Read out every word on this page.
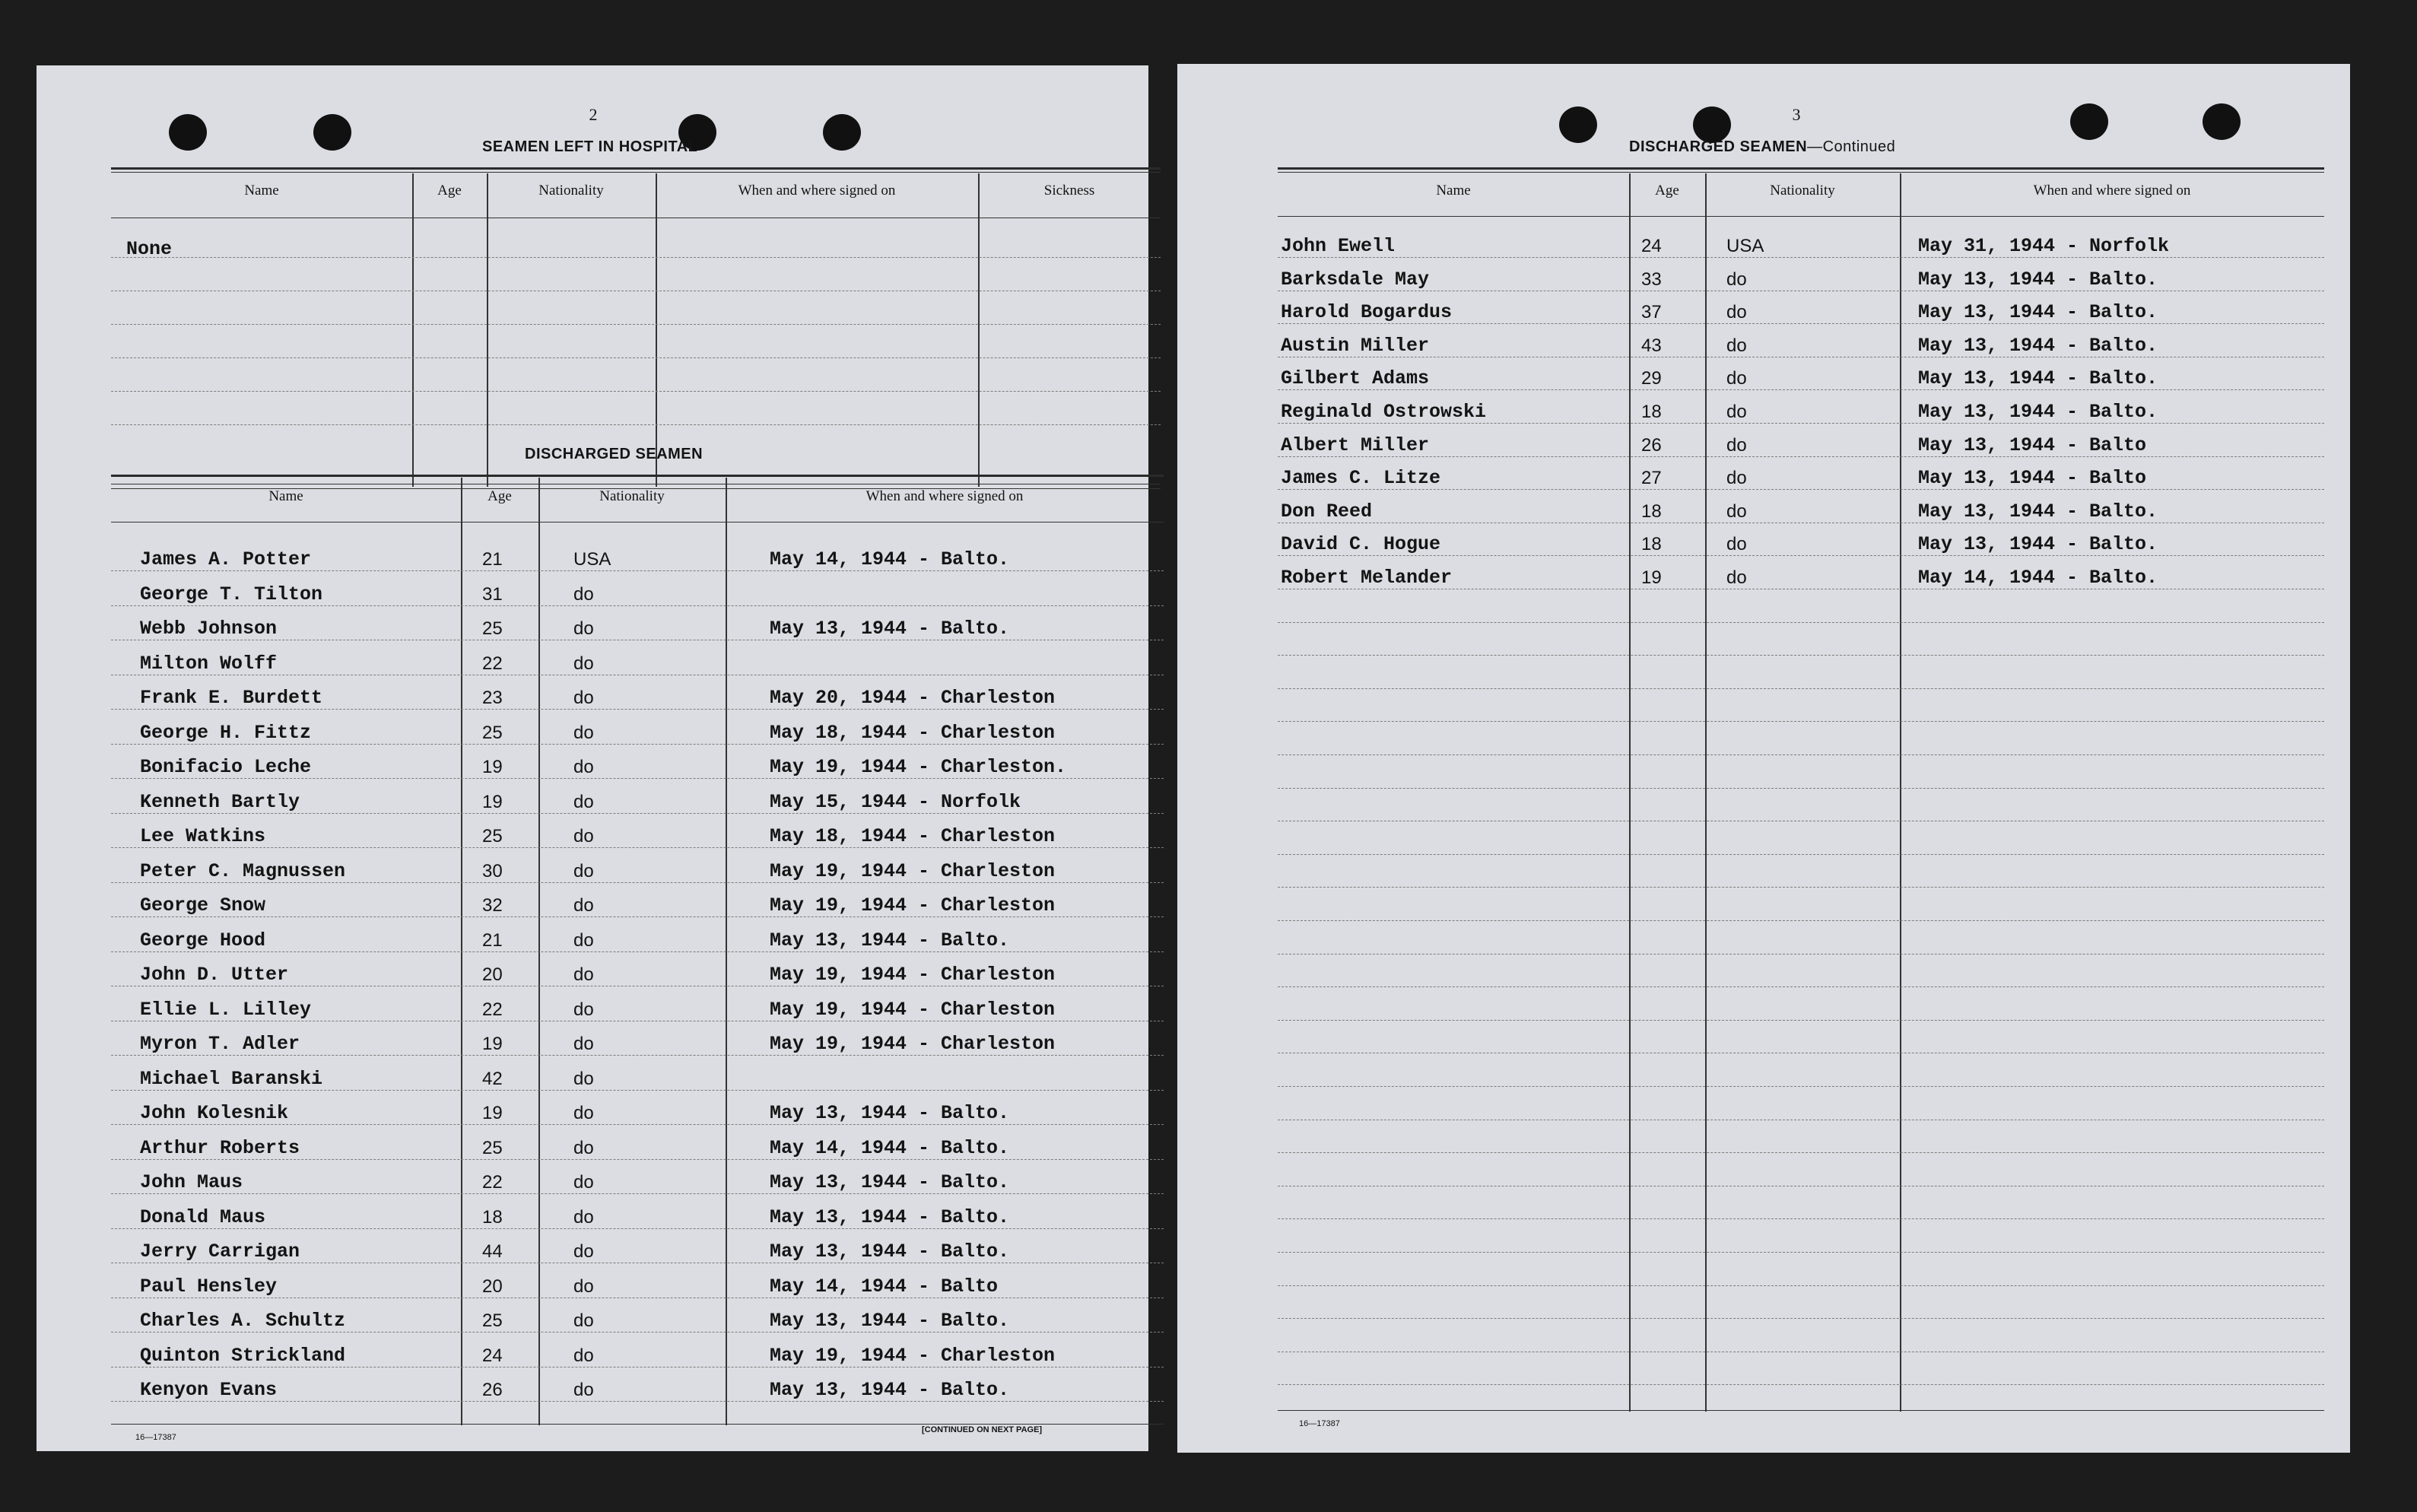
2
SEAMEN LEFT IN HOSPITAL
Name	Age	Nationality	When and where signed on	Sickness
None
DISCHARGED SEAMEN
Name	Age	Nationality	When and where signed on
James A. Potter	21	USA	May 14, 1944 - Balto.
George T. Tilton	31	do
Webb Johnson	25	do	May 13, 1944 - Balto.
Milton Wolff	22	do
Frank E. Burdett	23	do	May 20, 1944 - Charleston
George H. Fittz	25	do	May 18, 1944 - Charleston
Bonifacio Leche	19	do	May 19, 1944 - Charleston.
Kenneth Bartly	19	do	May 15, 1944 - Norfolk
Lee Watkins	25	do	May 18, 1944 - Charleston
Peter C. Magnussen	30	do	May 19, 1944 - Charleston
George Snow	32	do	May 19, 1944 - Charleston
George Hood	21	do	May 13, 1944 - Balto.
John D. Utter	20	do	May 19, 1944 - Charleston
Ellie L. Lilley	22	do	May 19, 1944 - Charleston
Myron T. Adler	19	do	May 19, 1944 - Charleston
Michael Baranski	42	do
John Kolesnik	19	do	May 13, 1944 - Balto.
Arthur Roberts	25	do	May 14, 1944 - Balto.
John Maus	22	do	May 13, 1944 - Balto.
Donald Maus	18	do	May 13, 1944 - Balto.
Jerry Carrigan	44	do	May 13, 1944 - Balto.
Paul Hensley	20	do	May 14, 1944 - Balto
Charles A. Schultz	25	do	May 13, 1944 - Balto.
Quinton Strickland	24	do	May 19, 1944 - Charleston
Kenyon Evans	26	do	May 13, 1944 - Balto.
16—17387
[CONTINUED ON NEXT PAGE]
3
DISCHARGED SEAMEN—Continued
Name	Age	Nationality	When and where signed on
John Ewell	24	USA	May 31, 1944 - Norfolk
Barksdale May	33	do	May 13, 1944 - Balto.
Harold Bogardus	37	do	May 13, 1944 - Balto.
Austin Miller	43	do	May 13, 1944 - Balto.
Gilbert Adams	29	do	May 13, 1944 - Balto.
Reginald Ostrowski	18	do	May 13, 1944 - Balto.
Albert Miller	26	do	May 13, 1944 - Balto
James C. Litze	27	do	May 13, 1944 - Balto
Don Reed	18	do	May 13, 1944 - Balto.
David C. Hogue	18	do	May 13, 1944 - Balto.
Robert Melander	19	do	May 14, 1944 - Balto.
16—17387
